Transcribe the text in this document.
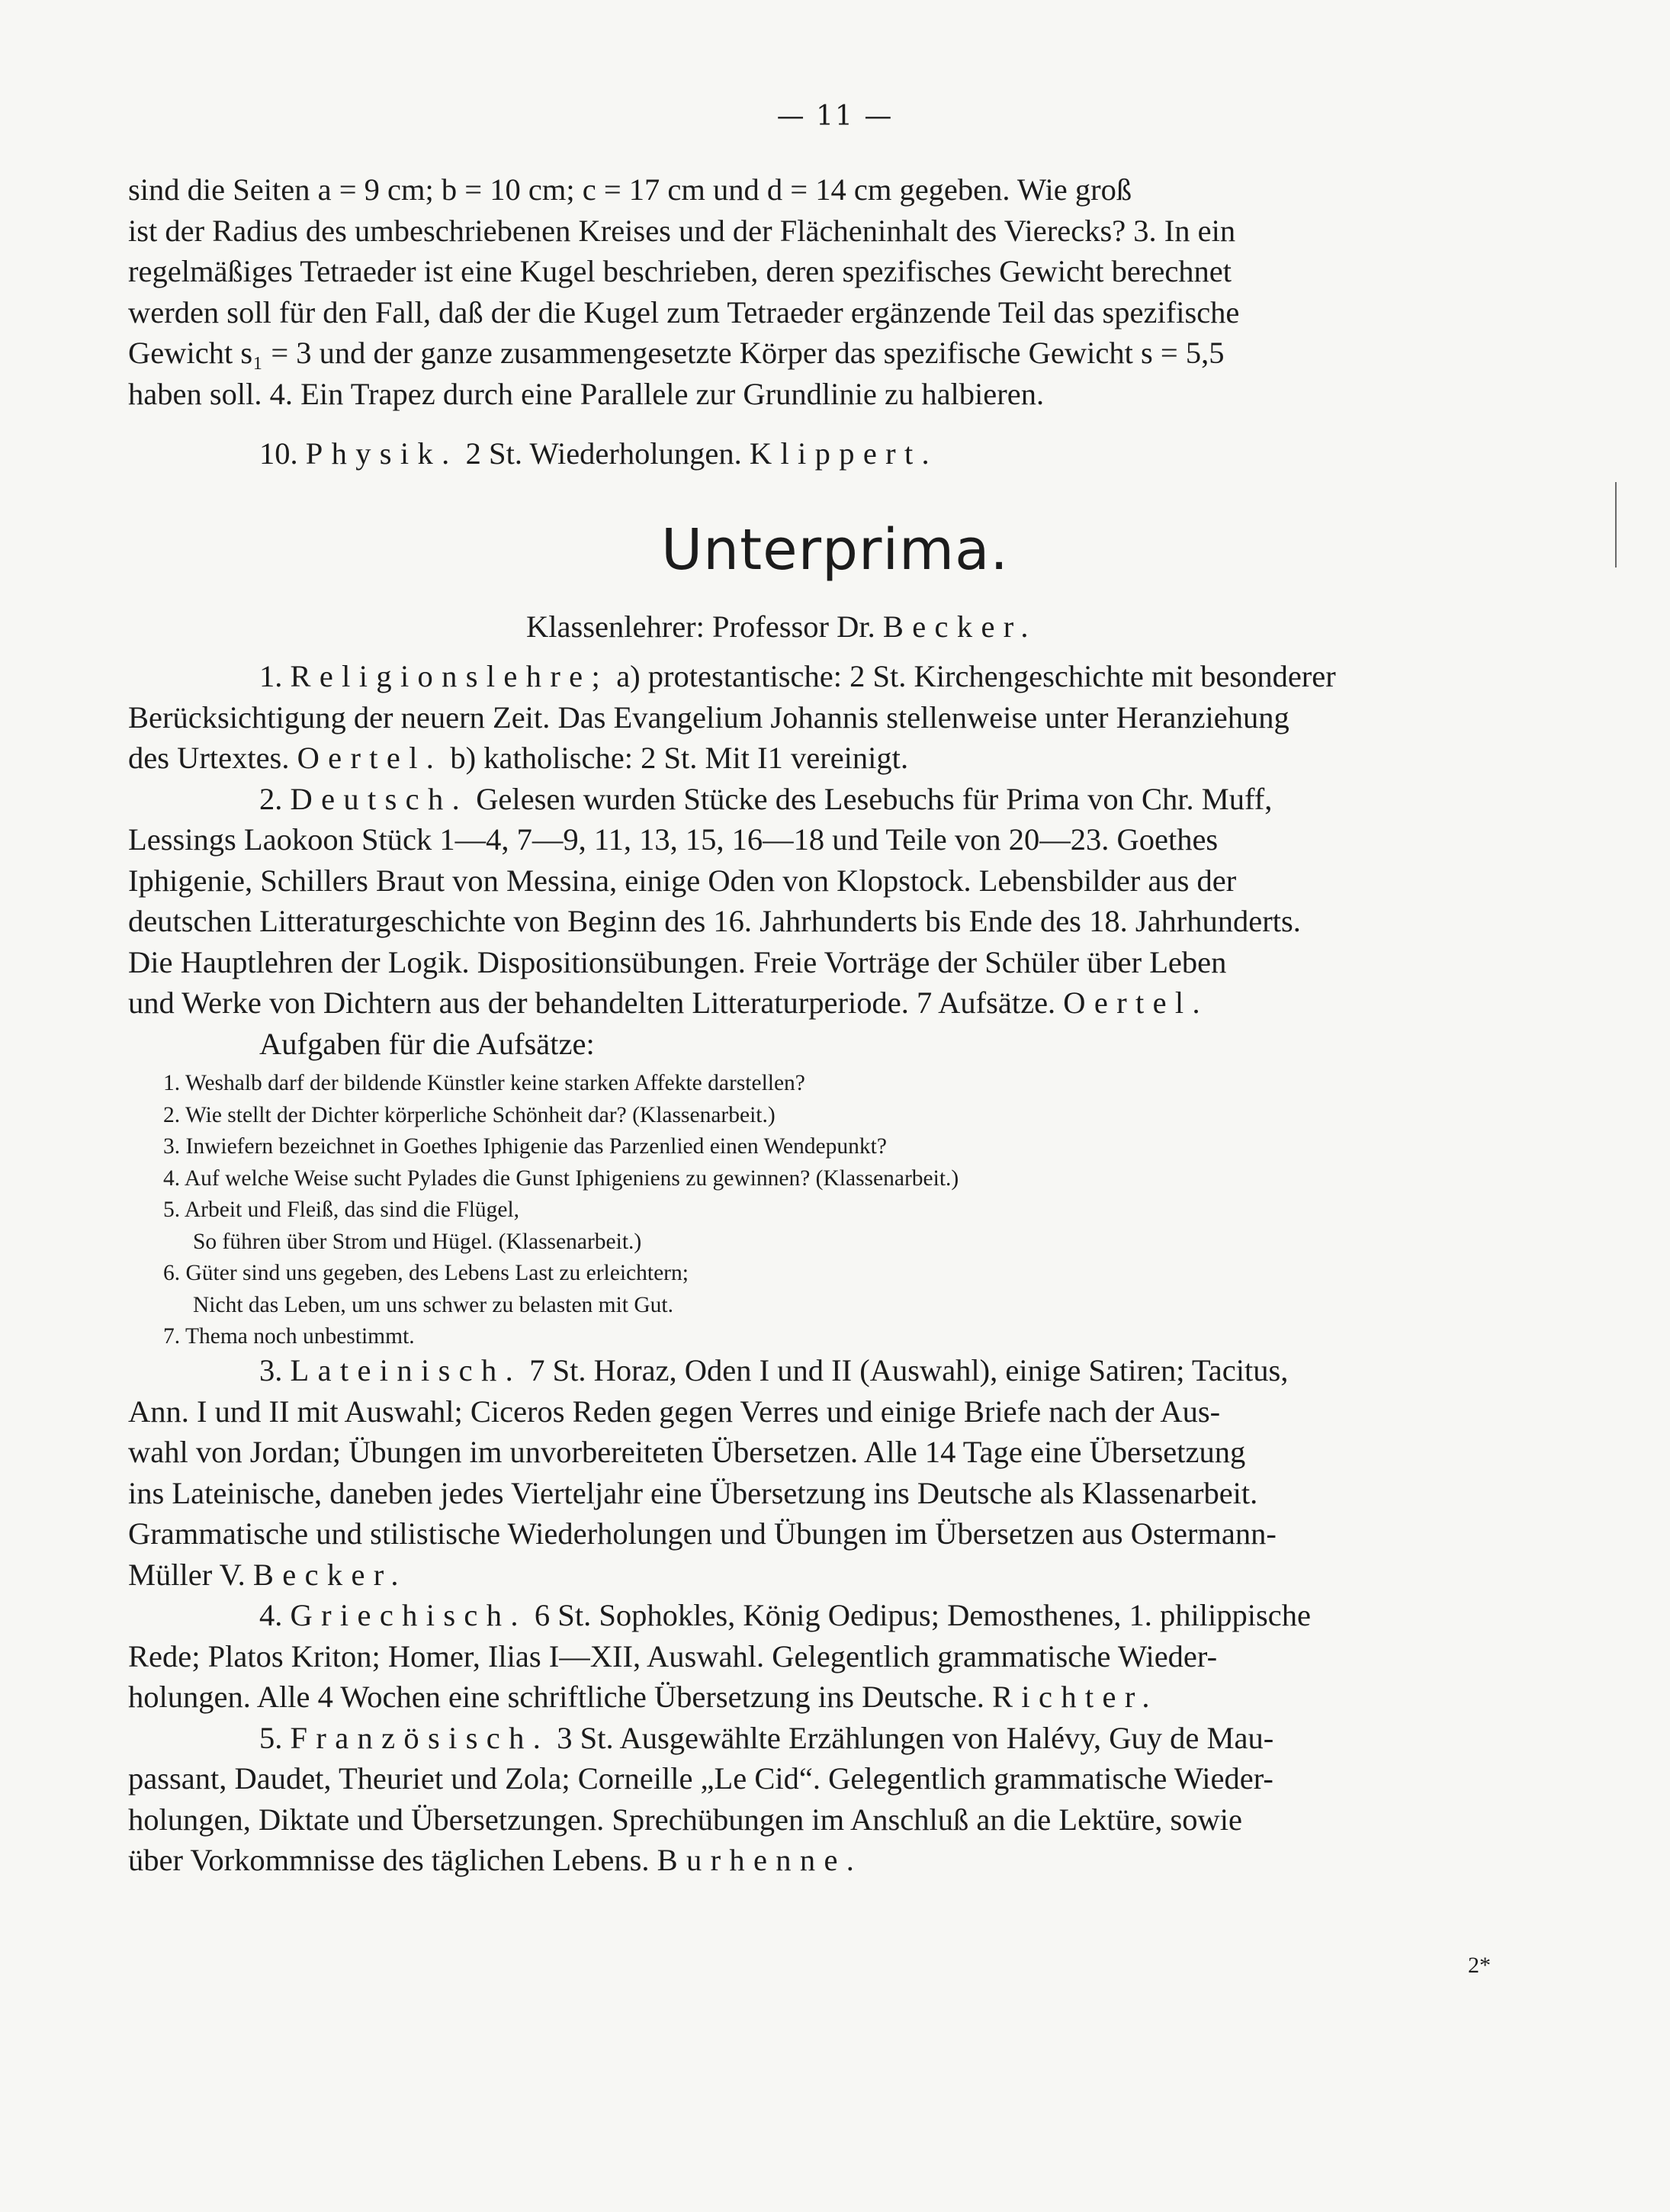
— 11 —

sind die Seiten a = 9 cm; b = 10 cm; c = 17 cm und d = 14 cm gegeben. Wie groß

ist der Radius des umbeschriebenen Kreises und der Flächeninhalt des Vierecks? 3. In ein

regelmäßiges Tetraeder ist eine Kugel beschrieben, deren spezifisches Gewicht berechnet

werden soll für den Fall, daß der die Kugel zum Tetraeder ergänzende Teil das spezifische

Gewicht s₁ = 3 und der ganze zusammengesetzte Körper das spezifische Gewicht s = 5,5

haben soll. 4. Ein Trapez durch eine Parallele zur Grundlinie zu halbieren.

10. Physik. 2 St. Wiederholungen. Klippert.

Unterprima.

Klassenlehrer: Professor Dr. Becker.

1. Religionslehre; a) protestantische: 2 St. Kirchengeschichte mit besonderer

Berücksichtigung der neuern Zeit. Das Evangelium Johannis stellenweise unter Heranziehung

des Urtextes. Oertel. b) katholische: 2 St. Mit I1 vereinigt.

2. Deutsch. Gelesen wurden Stücke des Lesebuchs für Prima von Chr. Muff,

Lessings Laokoon Stück 1—4, 7—9, 11, 13, 15, 16—18 und Teile von 20—23. Goethes

Iphigenie, Schillers Braut von Messina, einige Oden von Klopstock. Lebensbilder aus der

deutschen Litteraturgeschichte von Beginn des 16. Jahrhunderts bis Ende des 18. Jahrhunderts.

Die Hauptlehren der Logik. Dispositionsübungen. Freie Vorträge der Schüler über Leben

und Werke von Dichtern aus der behandelten Litteraturperiode. 7 Aufsätze. Oertel.

Aufgaben für die Aufsätze:

1. Weshalb darf der bildende Künstler keine starken Affekte darstellen?

2. Wie stellt der Dichter körperliche Schönheit dar? (Klassenarbeit.)

3. Inwiefern bezeichnet in Goethes Iphigenie das Parzenlied einen Wendepunkt?

4. Auf welche Weise sucht Pylades die Gunst Iphigeniens zu gewinnen? (Klassenarbeit.)

5. Arbeit und Fleiß, das sind die Flügel,

So führen über Strom und Hügel. (Klassenarbeit.)

6. Güter sind uns gegeben, des Lebens Last zu erleichtern;

Nicht das Leben, um uns schwer zu belasten mit Gut.

7. Thema noch unbestimmt.

3. Lateinisch. 7 St. Horaz, Oden I und II (Auswahl), einige Satiren; Tacitus,

Ann. I und II mit Auswahl; Ciceros Reden gegen Verres und einige Briefe nach der Aus-

wahl von Jordan; Übungen im unvorbereiteten Übersetzen. Alle 14 Tage eine Übersetzung

ins Lateinische, daneben jedes Vierteljahr eine Übersetzung ins Deutsche als Klassenarbeit.

Grammatische und stilistische Wiederholungen und Übungen im Übersetzen aus Ostermann-

Müller V. Becker.

4. Griechisch. 6 St. Sophokles, König Oedipus; Demosthenes, 1. philippische

Rede; Platos Kriton; Homer, Ilias I—XII, Auswahl. Gelegentlich grammatische Wieder-

holungen. Alle 4 Wochen eine schriftliche Übersetzung ins Deutsche. Richter.

5. Französisch. 3 St. Ausgewählte Erzählungen von Halévy, Guy de Mau-

passant, Daudet, Theuriet und Zola; Corneille „Le Cid“. Gelegentlich grammatische Wieder-

holungen, Diktate und Übersetzungen. Sprechübungen im Anschluß an die Lektüre, sowie

über Vorkommnisse des täglichen Lebens. Burhenne.

2*
